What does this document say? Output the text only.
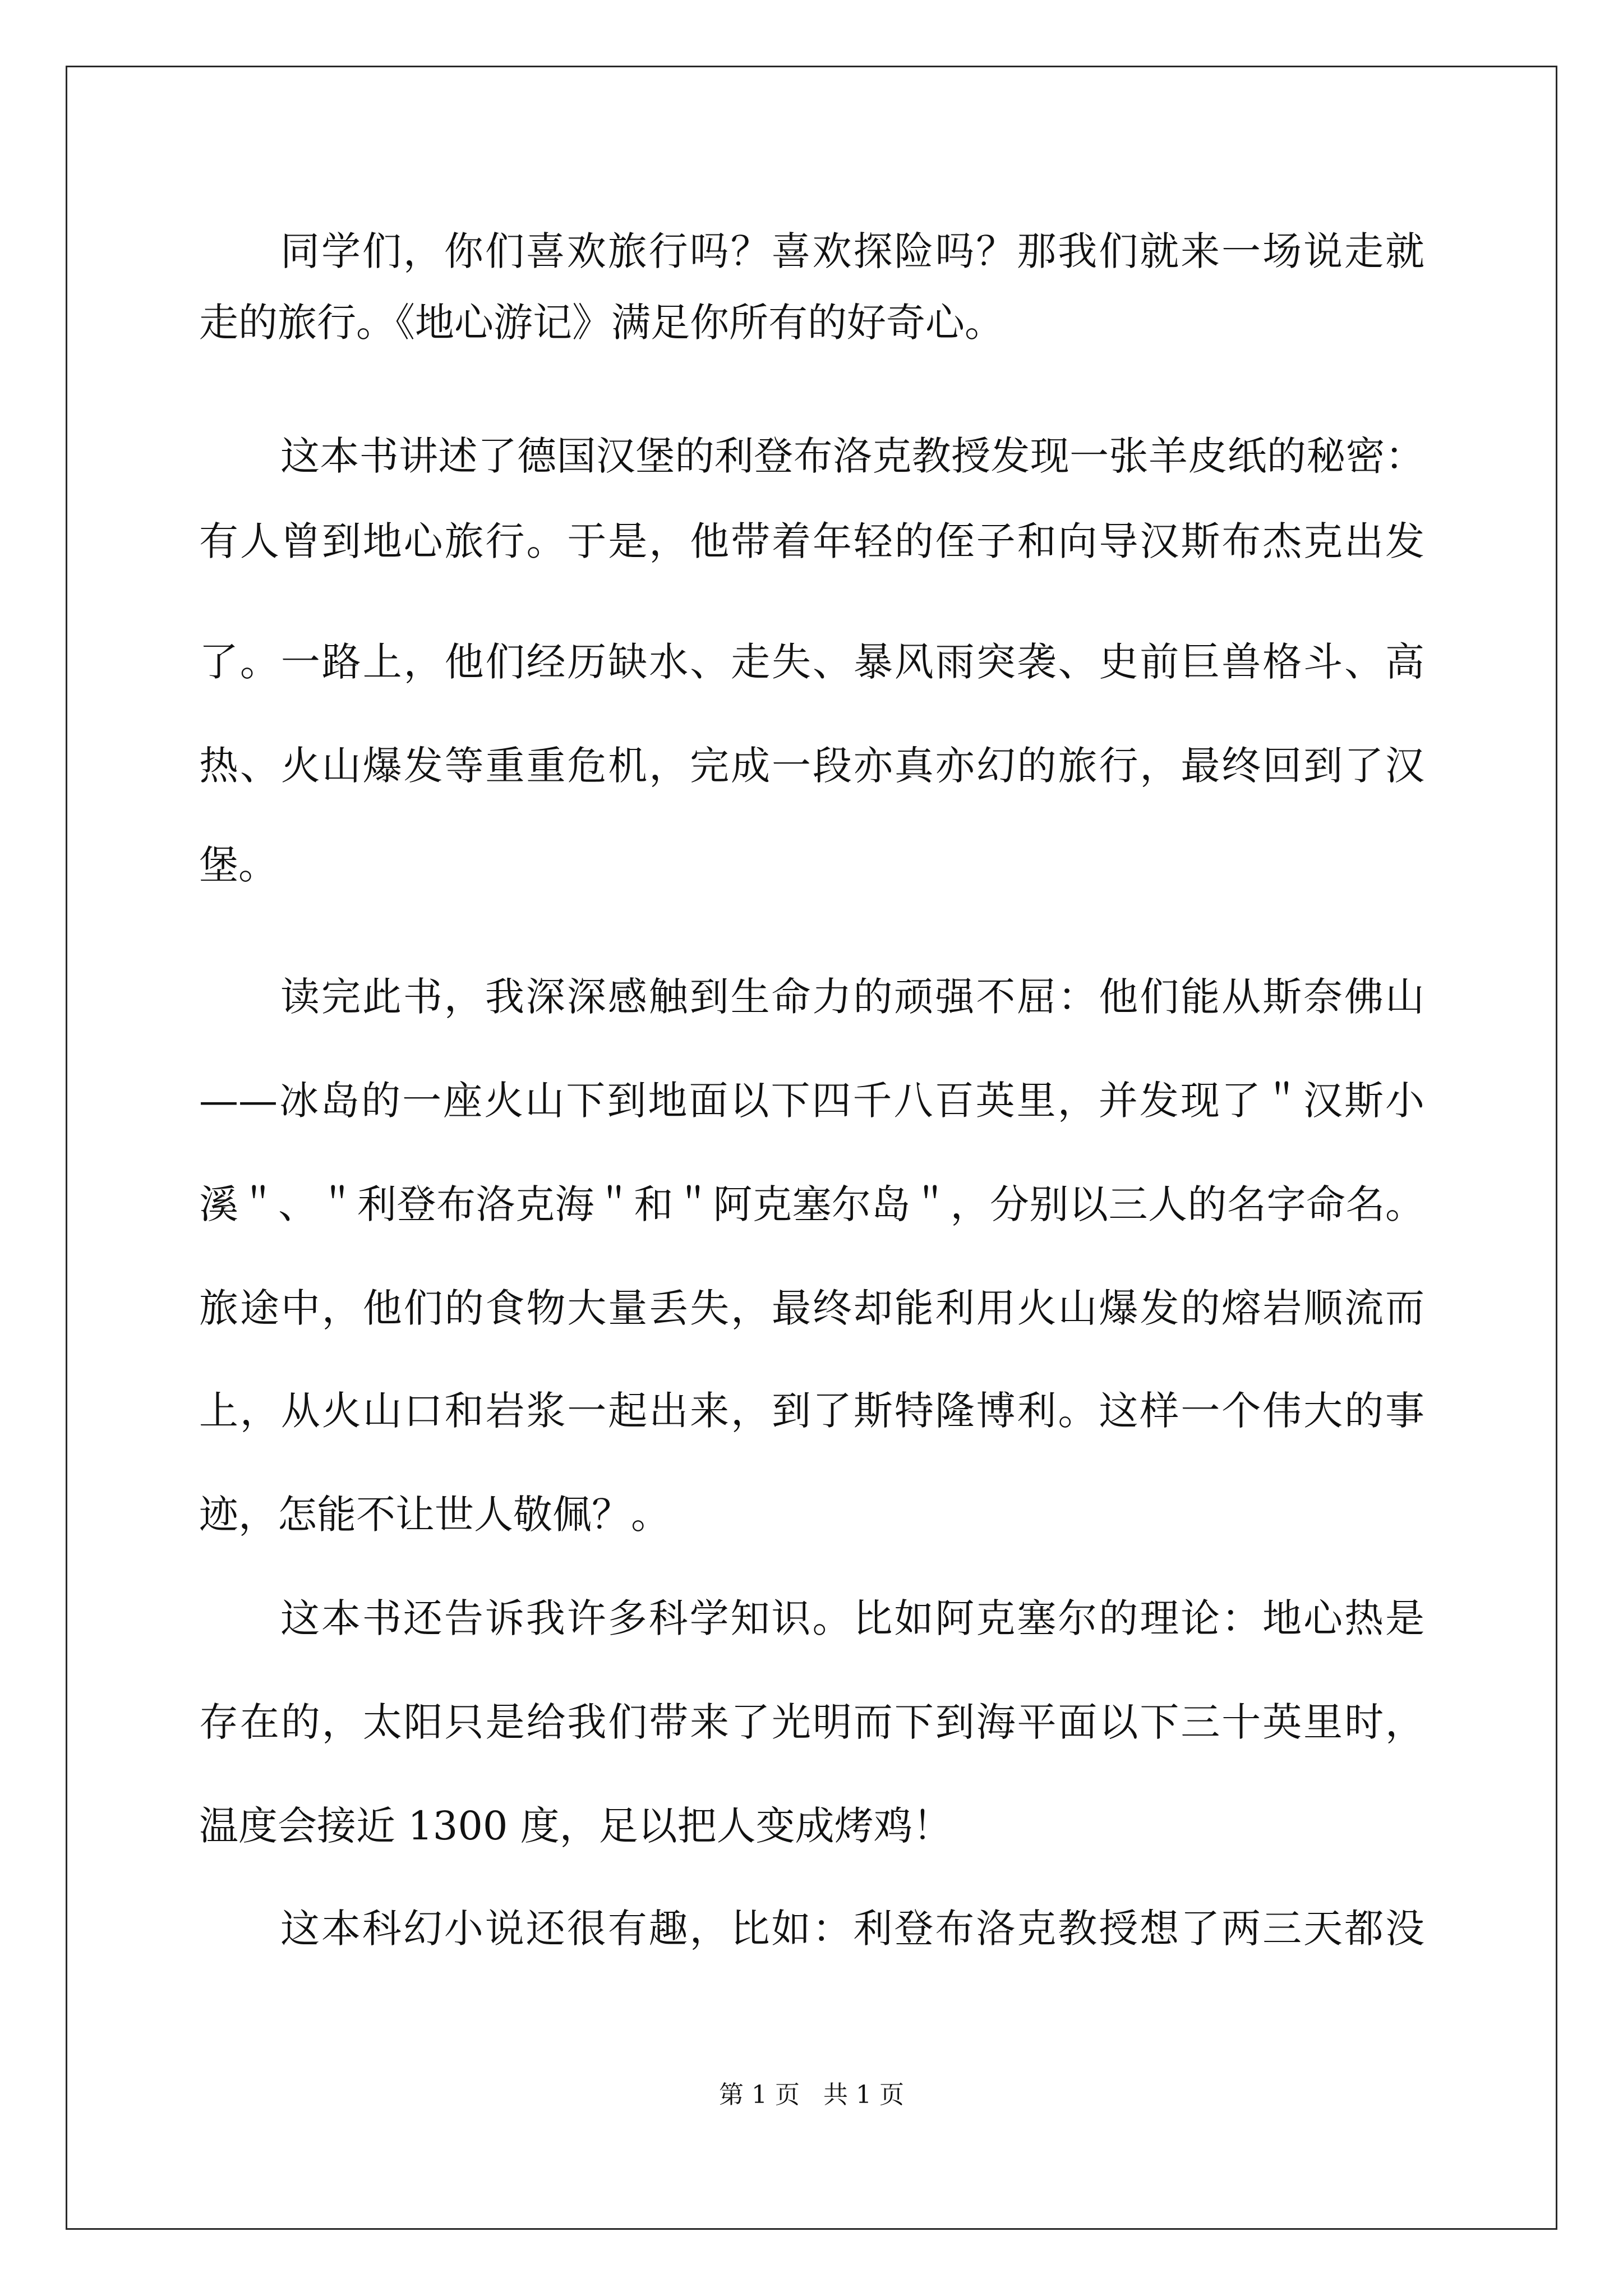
同学们，你们喜欢旅行吗？喜欢探险吗？那我们就来一场说走就
走的旅行。《地心游记》满足你所有的好奇心。
这本书讲述了德国汉堡的利登布洛克教授发现一张羊皮纸的秘密：
有人曾到地心旅行。于是，他带着年轻的侄子和向导汉斯布杰克出发
了。一路上，他们经历缺水、走失、暴风雨突袭、史前巨兽格斗、高
热、火山爆发等重重危机，完成一段亦真亦幻的旅行，最终回到了汉
堡。
读完此书，我深深感触到生命力的顽强不屈：他们能从斯奈佛山
——冰岛的一座火山下到地面以下四千八百英里，并发现了＂汉斯小
溪＂、＂利登布洛克海＂和＂阿克塞尔岛＂，分别以三人的名字命名。
旅途中，他们的食物大量丢失，最终却能利用火山爆发的熔岩顺流而
上，从火山口和岩浆一起出来，到了斯特隆博利。这样一个伟大的事
迹，怎能不让世人敬佩？。
这本书还告诉我许多科学知识。比如阿克塞尔的理论：地心热是
存在的，太阳只是给我们带来了光明而下到海平面以下三十英里时，
温度会接近 1300 度，足以把人变成烤鸡！
这本科幻小说还很有趣，比如：利登布洛克教授想了两三天都没
第 1 页   共 1 页
